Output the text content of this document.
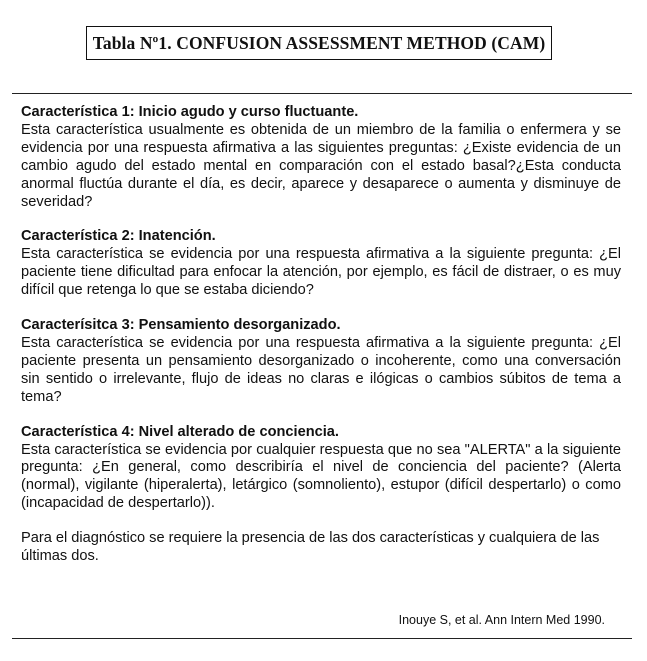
Tabla Nº1. CONFUSION ASSESSMENT METHOD (CAM)
Característica 1: Inicio agudo y curso fluctuante.

Esta característica usualmente es obtenida de un miembro de la familia o enfermera y se evidencia por una respuesta afirmativa a las siguientes preguntas: ¿Existe evidencia de un cambio agudo del estado mental en comparación con el estado basal?¿Esta conducta anormal fluctúa durante el día, es decir, aparece y desaparece o aumenta y disminuye de severidad?

Característica 2: Inatención.

Esta característica se evidencia por una respuesta afirmativa a la siguiente pregunta: ¿El paciente tiene dificultad para enfocar la atención, por ejemplo, es fácil de distraer, o es muy difícil que retenga lo que se estaba diciendo?

Caracterísitca 3: Pensamiento desorganizado.

Esta característica se evidencia por una respuesta afirmativa a la siguiente pregunta: ¿El paciente presenta un pensamiento desorganizado o incoherente, como una conversación sin sentido o irrelevante, flujo de ideas no claras e ilógicas o cambios súbitos de tema a tema?

Característica 4: Nivel alterado de conciencia.

Esta característica se evidencia por cualquier respuesta que no sea "ALERTA" a la siguiente pregunta: ¿En general, como describiría el nivel de conciencia del paciente? (Alerta (normal), vigilante (hiperalerta), letárgico (somnoliento), estupor (difícil despertarlo) o como (incapacidad de despertarlo)).

Para el diagnóstico se requiere la presencia de las dos características y cualquiera de las últimas dos.

Inouye S, et al. Ann Intern Med 1990.
